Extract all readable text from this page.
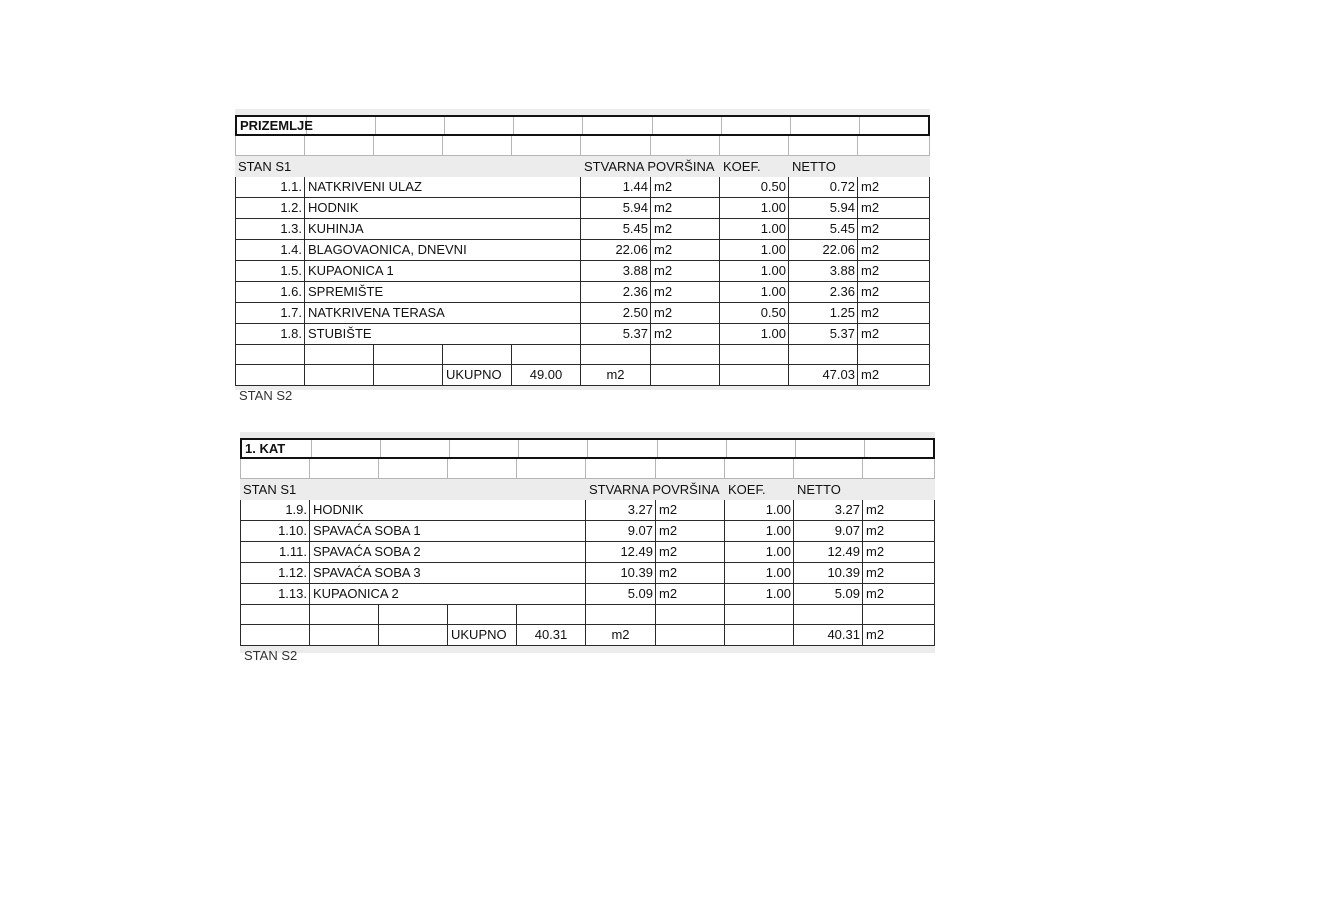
PRIZEMLJE
STAN S1	STVARNA POVRŠINA KOEF.	NETTO
1.1. NATKRIVENI ULAZ	1.44 m2	0.50	0.72 m2
1.2. HODNIK	5.94 m2	1.00	5.94 m2
1.3. KUHINJA	5.45 m2	1.00	5.45 m2
1.4. BLAGOVAONICA, DNEVNI	22.06 m2	1.00	22.06 m2
1.5. KUPAONICA 1	3.88 m2	1.00	3.88 m2
1.6. SPREMIŠTE	2.36 m2	1.00	2.36 m2
1.7. NATKRIVENA TERASA	2.50 m2	0.50	1.25 m2
1.8. STUBIŠTE	5.37 m2	1.00	5.37 m2
UKUPNO	49.00	m2	47.03 m2
STAN S2
1. KAT
STAN S1	STVARNA POVRŠINA KOEF.	NETTO
1.9. HODNIK	3.27 m2	1.00	3.27 m2
1.10. SPAVAĆA SOBA 1	9.07 m2	1.00	9.07 m2
1.11. SPAVAĆA SOBA 2	12.49 m2	1.00	12.49 m2
1.12. SPAVAĆA SOBA 3	10.39 m2	1.00	10.39 m2
1.13. KUPAONICA 2	5.09 m2	1.00	5.09 m2
UKUPNO	40.31	m2	40.31 m2
STAN S2
